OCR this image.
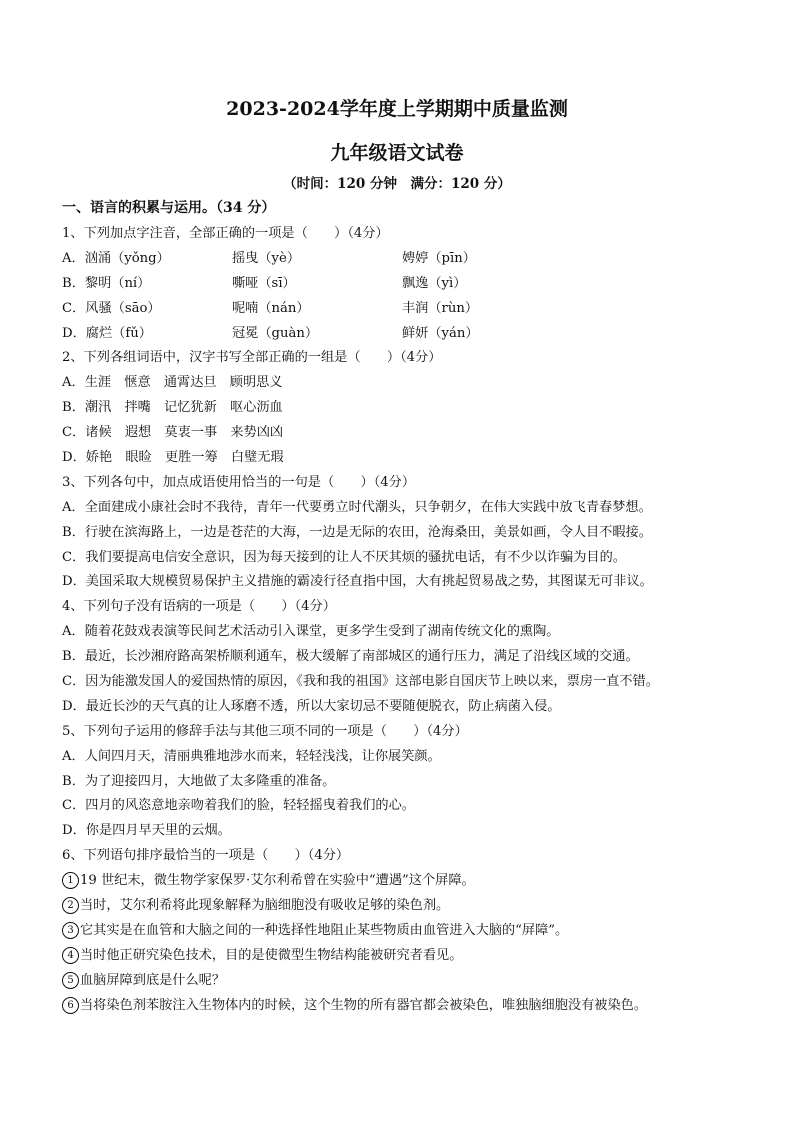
2023-2024学年度上学期期中质量监测
九年级语文试卷
（时间：120 分钟　满分：120 分）
一、语言的积累与运用。（34 分）
1、下列加点字注音，全部正确的一项是（　　）（4分）
A．汹涌（yǒng）	摇曳（yè）	娉婷（pīn）
B．黎明（ní）	嘶哑（sī）	飘逸（yì）
C．风骚（sāo）	呢喃（nán）	丰润（rùn）
D．腐烂（fǔ）	冠冕（guàn）	鲜妍（yán）
2、下列各组词语中，汉字书写全部正确的一组是（　　）（4分）
A．生涯　惬意　通霄达旦　顾明思义
B．潮汛　拌嘴　记忆犹新　呕心沥血
C．诸候　遐想　莫衷一事　来势凶凶
D．娇艳　眼睑　更胜一筹　白璧无瑕
3、下列各句中，加点成语使用恰当的一句是（　　）（4分）
A．全面建成小康社会时不我待，青年一代要勇立时代潮头，只争朝夕，在伟大实践中放飞青春梦想。
B．行驶在滨海路上，一边是苍茫的大海，一边是无际的农田，沧海桑田，美景如画，令人目不暇接。
C．我们要提高电信安全意识，因为每天接到的让人不厌其烦的骚扰电话，有不少以诈骗为目的。
D．美国采取大规模贸易保护主义措施的霸凌行径直指中国，大有挑起贸易战之势，其图谋无可非议。
4、下列句子没有语病的一项是（　　）（4分）
A．随着花鼓戏表演等民间艺术活动引入课堂，更多学生受到了湖南传统文化的熏陶。
B．最近，长沙湘府路高架桥顺利通车，极大缓解了南部城区的通行压力，满足了沿线区域的交通。
C．因为能激发国人的爱国热情的原因，《我和我的祖国》这部电影自国庆节上映以来，票房一直不错。
D．最近长沙的天气真的让人琢磨不透，所以大家切忌不要随便脱衣，防止病菌入侵。
5、下列句子运用的修辞手法与其他三项不同的一项是（　　）（4分）
A．人间四月天，清丽典雅地涉水而来，轻轻浅浅，让你展笑颜。
B．为了迎接四月，大地做了太多隆重的准备。
C．四月的风恣意地亲吻着我们的脸，轻轻摇曳着我们的心。
D．你是四月早天里的云烟。
6、下列语句排序最恰当的一项是（　　）（4分）
1 19 世纪末，微生物学家保罗·艾尔利希曾在实验中“遭遇”这个屏障。
2 当时，艾尔利希将此现象解释为脑细胞没有吸收足够的染色剂。
3 它其实是在血管和大脑之间的一种选择性地阻止某些物质由血管进入大脑的“屏障”。
4 当时他正研究染色技术，目的是使微型生物结构能被研究者看见。
5 血脑屏障到底是什么呢？
6 当将染色剂苯胺注入生物体内的时候，这个生物的所有器官都会被染色，唯独脑细胞没有被染色。
